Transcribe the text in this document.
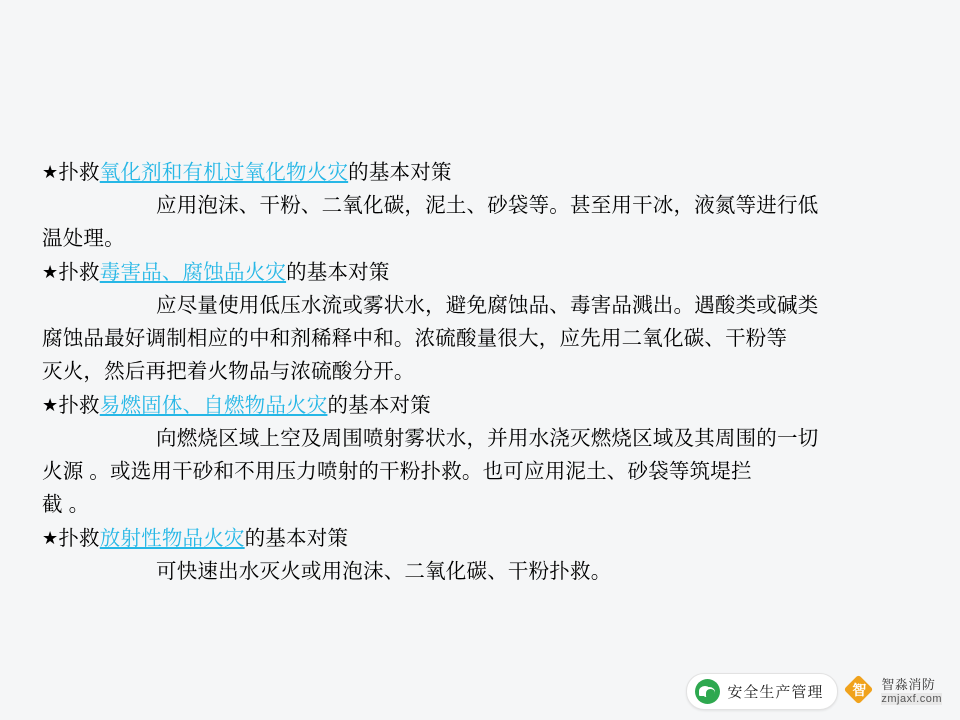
★扑救氧化剂和有机过氧化物火灾的基本对策
应用泡沫、干粉、二氧化碳，泥土、砂袋等。甚至用干冰，液氮等进行低
温处理。
★扑救毒害品、腐蚀品火灾的基本对策
应尽量使用低压水流或雾状水，避免腐蚀品、毒害品溅出。遇酸类或碱类
腐蚀品最好调制相应的中和剂稀释中和。浓硫酸量很大，应先用二氧化碳、干粉等
灭火，然后再把着火物品与浓硫酸分开。
★扑救易燃固体、自燃物品火灾的基本对策
向燃烧区域上空及周围喷射雾状水，并用水浇灭燃烧区域及其周围的一切
火源 。或选用干砂和不用压力喷射的干粉扑救。也可应用泥土、砂袋等筑堤拦
截 。
★扑救放射性物品火灾的基本对策
可快速出水灭火或用泡沫、二氧化碳、干粉扑救。
安全生产管理	智	智淼消防
zmjaxf.com
